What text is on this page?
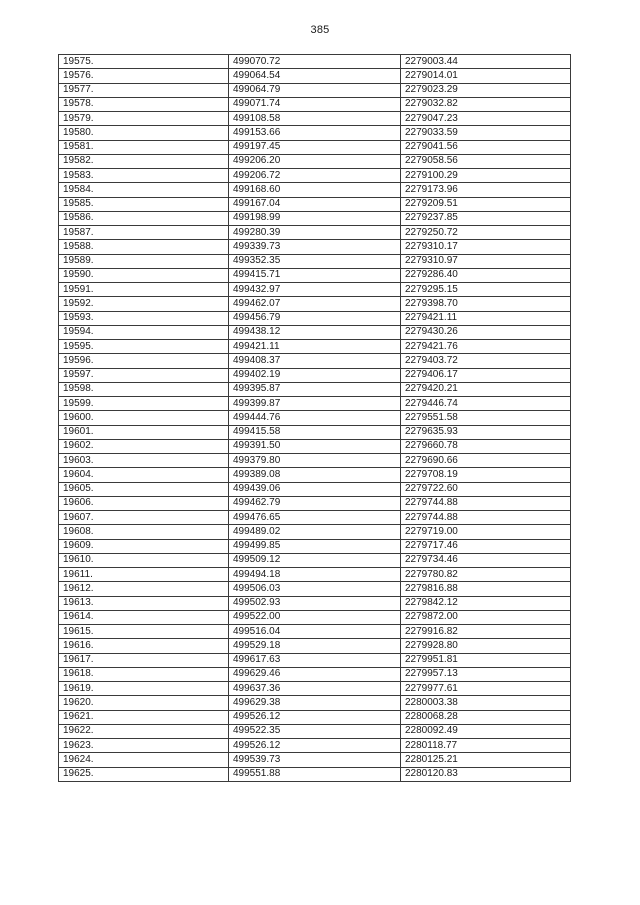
385
19575.	499070.72	2279003.44
19576.	499064.54	2279014.01
19577.	499064.79	2279023.29
19578.	499071.74	2279032.82
19579.	499108.58	2279047.23
19580.	499153.66	2279033.59
19581.	499197.45	2279041.56
19582.	499206.20	2279058.56
19583.	499206.72	2279100.29
19584.	499168.60	2279173.96
19585.	499167.04	2279209.51
19586.	499198.99	2279237.85
19587.	499280.39	2279250.72
19588.	499339.73	2279310.17
19589.	499352.35	2279310.97
19590.	499415.71	2279286.40
19591.	499432.97	2279295.15
19592.	499462.07	2279398.70
19593.	499456.79	2279421.11
19594.	499438.12	2279430.26
19595.	499421.11	2279421.76
19596.	499408.37	2279403.72
19597.	499402.19	2279406.17
19598.	499395.87	2279420.21
19599.	499399.87	2279446.74
19600.	499444.76	2279551.58
19601.	499415.58	2279635.93
19602.	499391.50	2279660.78
19603.	499379.80	2279690.66
19604.	499389.08	2279708.19
19605.	499439.06	2279722.60
19606.	499462.79	2279744.88
19607.	499476.65	2279744.88
19608.	499489.02	2279719.00
19609.	499499.85	2279717.46
19610.	499509.12	2279734.46
19611.	499494.18	2279780.82
19612.	499506.03	2279816.88
19613.	499502.93	2279842.12
19614.	499522.00	2279872.00
19615.	499516.04	2279916.82
19616.	499529.18	2279928.80
19617.	499617.63	2279951.81
19618.	499629.46	2279957.13
19619.	499637.36	2279977.61
19620.	499629.38	2280003.38
19621.	499526.12	2280068.28
19622.	499522.35	2280092.49
19623.	499526.12	2280118.77
19624.	499539.73	2280125.21
19625.	499551.88	2280120.83
